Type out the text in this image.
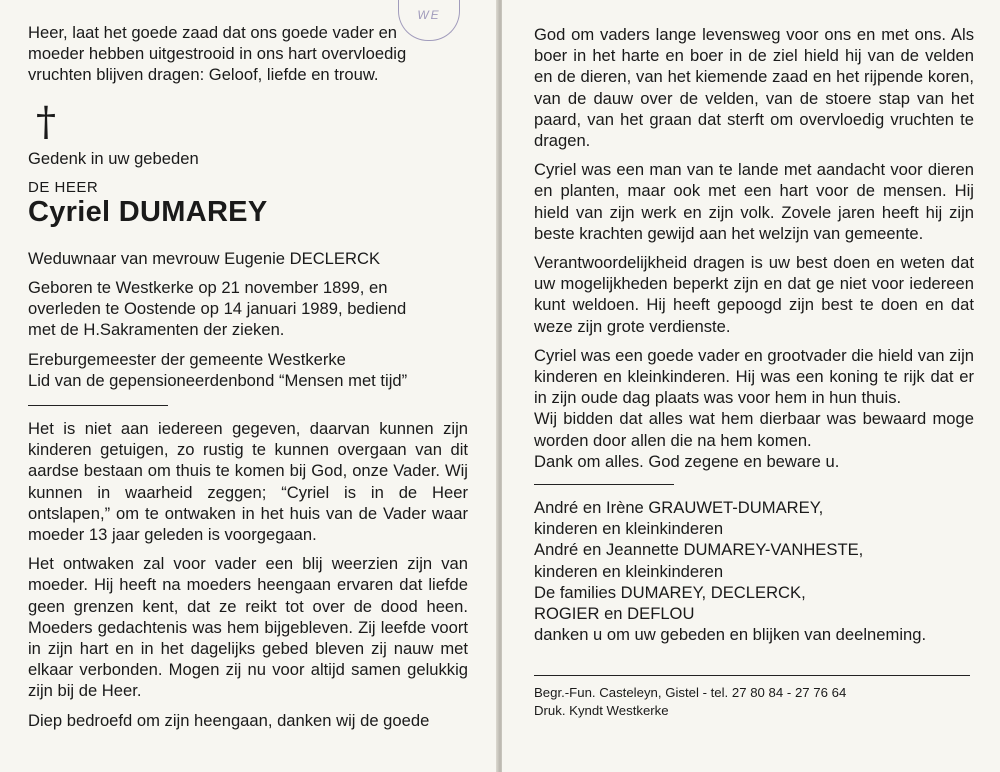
WE

Heer, laat het goede zaad dat ons goede vader en

moeder hebben uitgestrooid in ons hart overvloedig

vruchten blijven dragen: Geloof, liefde en trouw.

†

Gedenk in uw gebeden

DE HEER

Cyriel DUMAREY

Weduwnaar van mevrouw Eugenie DECLERCK

Geboren te Westkerke op 21 november 1899, en

overleden te Oostende op 14 januari 1989, bediend

met de H.Sakramenten der zieken.

Ereburgemeester der gemeente Westkerke

Lid van de gepensioneerdenbond “Mensen met tijd”

Het is niet aan iedereen gegeven, daarvan kunnen zijn kinderen getuigen, zo rustig te kunnen overgaan van dit aardse bestaan om thuis te komen bij God, onze Vader. Wij kunnen in waarheid zeggen; “Cyriel is in de Heer ontslapen,” om te ontwaken in het huis van de Vader waar moeder 13 jaar geleden is voorgegaan.

Het ontwaken zal voor vader een blij weerzien zijn van moeder. Hij heeft na moeders heengaan ervaren dat liefde geen grenzen kent, dat ze reikt tot over de dood heen. Moeders gedachtenis was hem bijgebleven. Zij leefde voort in zijn hart en in het dagelijks gebed bleven zij nauw met elkaar verbonden. Mogen zij nu voor altijd samen gelukkig zijn bij de Heer.

Diep bedroefd om zijn heengaan, danken wij de goede

God om vaders lange levensweg voor ons en met ons. Als boer in het harte en boer in de ziel hield hij van de velden en de dieren, van het kiemende zaad en het rijpende koren, van de dauw over de velden, van de stoere stap van het paard, van het graan dat sterft om overvloedig vruchten te dragen.

Cyriel was een man van te lande met aandacht voor dieren en planten, maar ook met een hart voor de mensen. Hij hield van zijn werk en zijn volk. Zovele jaren heeft hij zijn beste krachten gewijd aan het welzijn van gemeente.

Verantwoordelijkheid dragen is uw best doen en weten dat uw mogelijkheden beperkt zijn en dat ge niet voor iedereen kunt weldoen. Hij heeft gepoogd zijn best te doen en dat weze zijn grote verdienste.

Cyriel was een goede vader en grootvader die hield van zijn kinderen en kleinkinderen. Hij was een koning te rijk dat er in zijn oude dag plaats was voor hem in hun thuis.

Wij bidden dat alles wat hem dierbaar was bewaard moge worden door allen die na hem komen.

Dank om alles. God zegene en beware u.

André en Irène GRAUWET-DUMAREY,

kinderen en kleinkinderen

André en Jeannette DUMAREY-VANHESTE,

kinderen en kleinkinderen

De families DUMAREY, DECLERCK,

ROGIER en DEFLOU

danken u om uw gebeden en blijken van deelneming.

Begr.-Fun. Casteleyn, Gistel - tel. 27 80 84 - 27 76 64

Druk. Kyndt Westkerke
